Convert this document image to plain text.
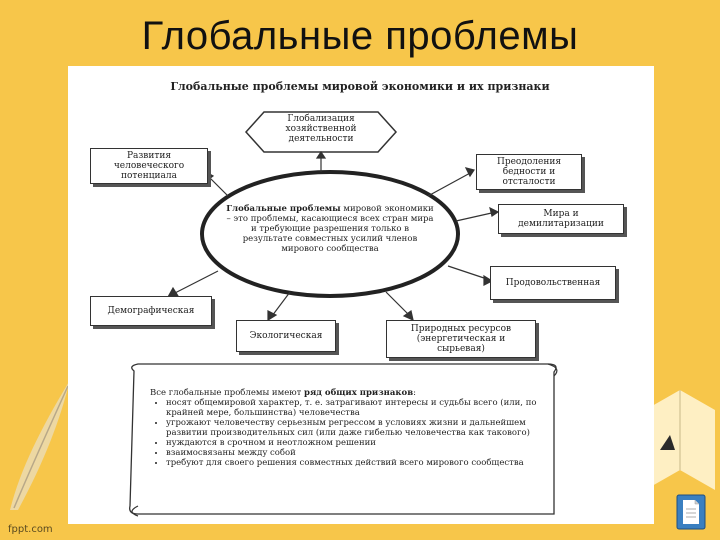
Глобальные проблемы
Глобальные проблемы мировой экономики и их признаки
Глобализация
хозяйственной
деятельности
Глобальные проблемы мировой экономики – это проблемы, касающиеся всех стран мира и требующие разрешения только в результате совместных усилий членов мирового сообщества
Развития
человеческого
потенциала
Преодоления
бедности и
отсталости
Мира и
демилитаризации
Продовольственная
Демографическая
Экологическая
Природных ресурсов
(энергетическая и
сырьевая)
Все глобальные проблемы имеют ряд общих признаков:
• носят общемировой характер, т. е. затрагивают интересы и судьбы всего (или, по крайней мере, большинства) человечества
• угрожают человечеству серьезным регрессом в условиях жизни и дальнейшем развитии производительных сил (или даже гибелью человечества как такового)
• нуждаются в срочном и неотложном решении
• взаимосвязаны между собой
• требуют для своего решения совместных действий всего мирового сообщества
fppt.com
